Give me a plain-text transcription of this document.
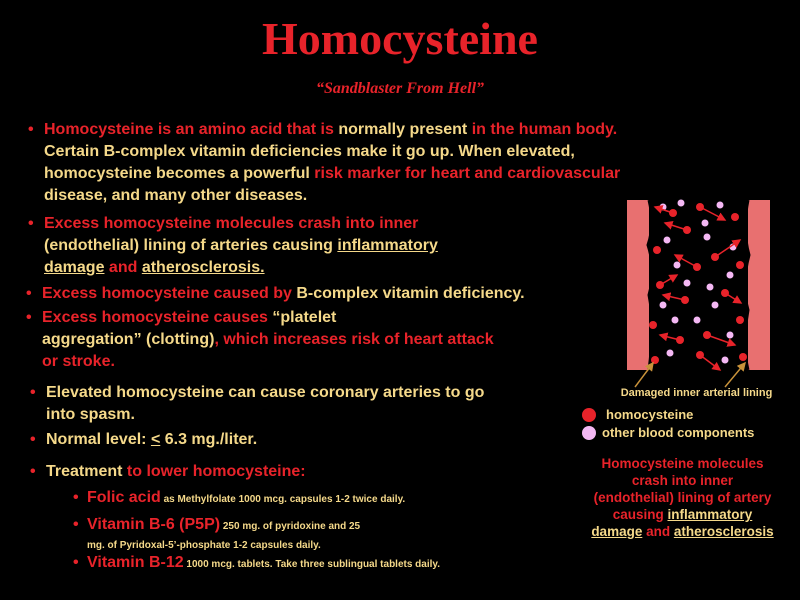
Homocysteine
“Sandblaster From Hell”
• Homocysteine is an amino acid that is normally present in the human body.
Certain B-complex vitamin deficiencies make it go up. When elevated,
homocysteine becomes a powerful risk marker for heart and cardiovascular
disease, and many other diseases.
• Excess homocysteine molecules crash into inner
(endothelial) lining of arteries causing inflammatory
damage and atherosclerosis.
• Excess homocysteine caused by B-complex vitamin deficiency.
• Excess homocysteine causes “platelet
aggregation” (clotting), which increases risk of heart attack
or stroke.
• Elevated homocysteine can cause coronary arteries to go
into spasm.
• Normal level: < 6.3 mg./liter.
• Treatment to lower homocysteine:
• Folic acid as Methylfolate 1000 mcg. capsules 1-2 twice daily.
• Vitamin B-6 (P5P) 250 mg. of pyridoxine and 25
mg. of Pyridoxal-5’-phosphate 1-2 capsules daily.
• Vitamin B-12 1000 mcg. tablets. Take three sublingual tablets daily.
Damaged inner arterial lining
homocysteine
other blood components
Homocysteine molecules
crash into inner
(endothelial) lining of artery
causing inflammatory
damage and atherosclerosis
